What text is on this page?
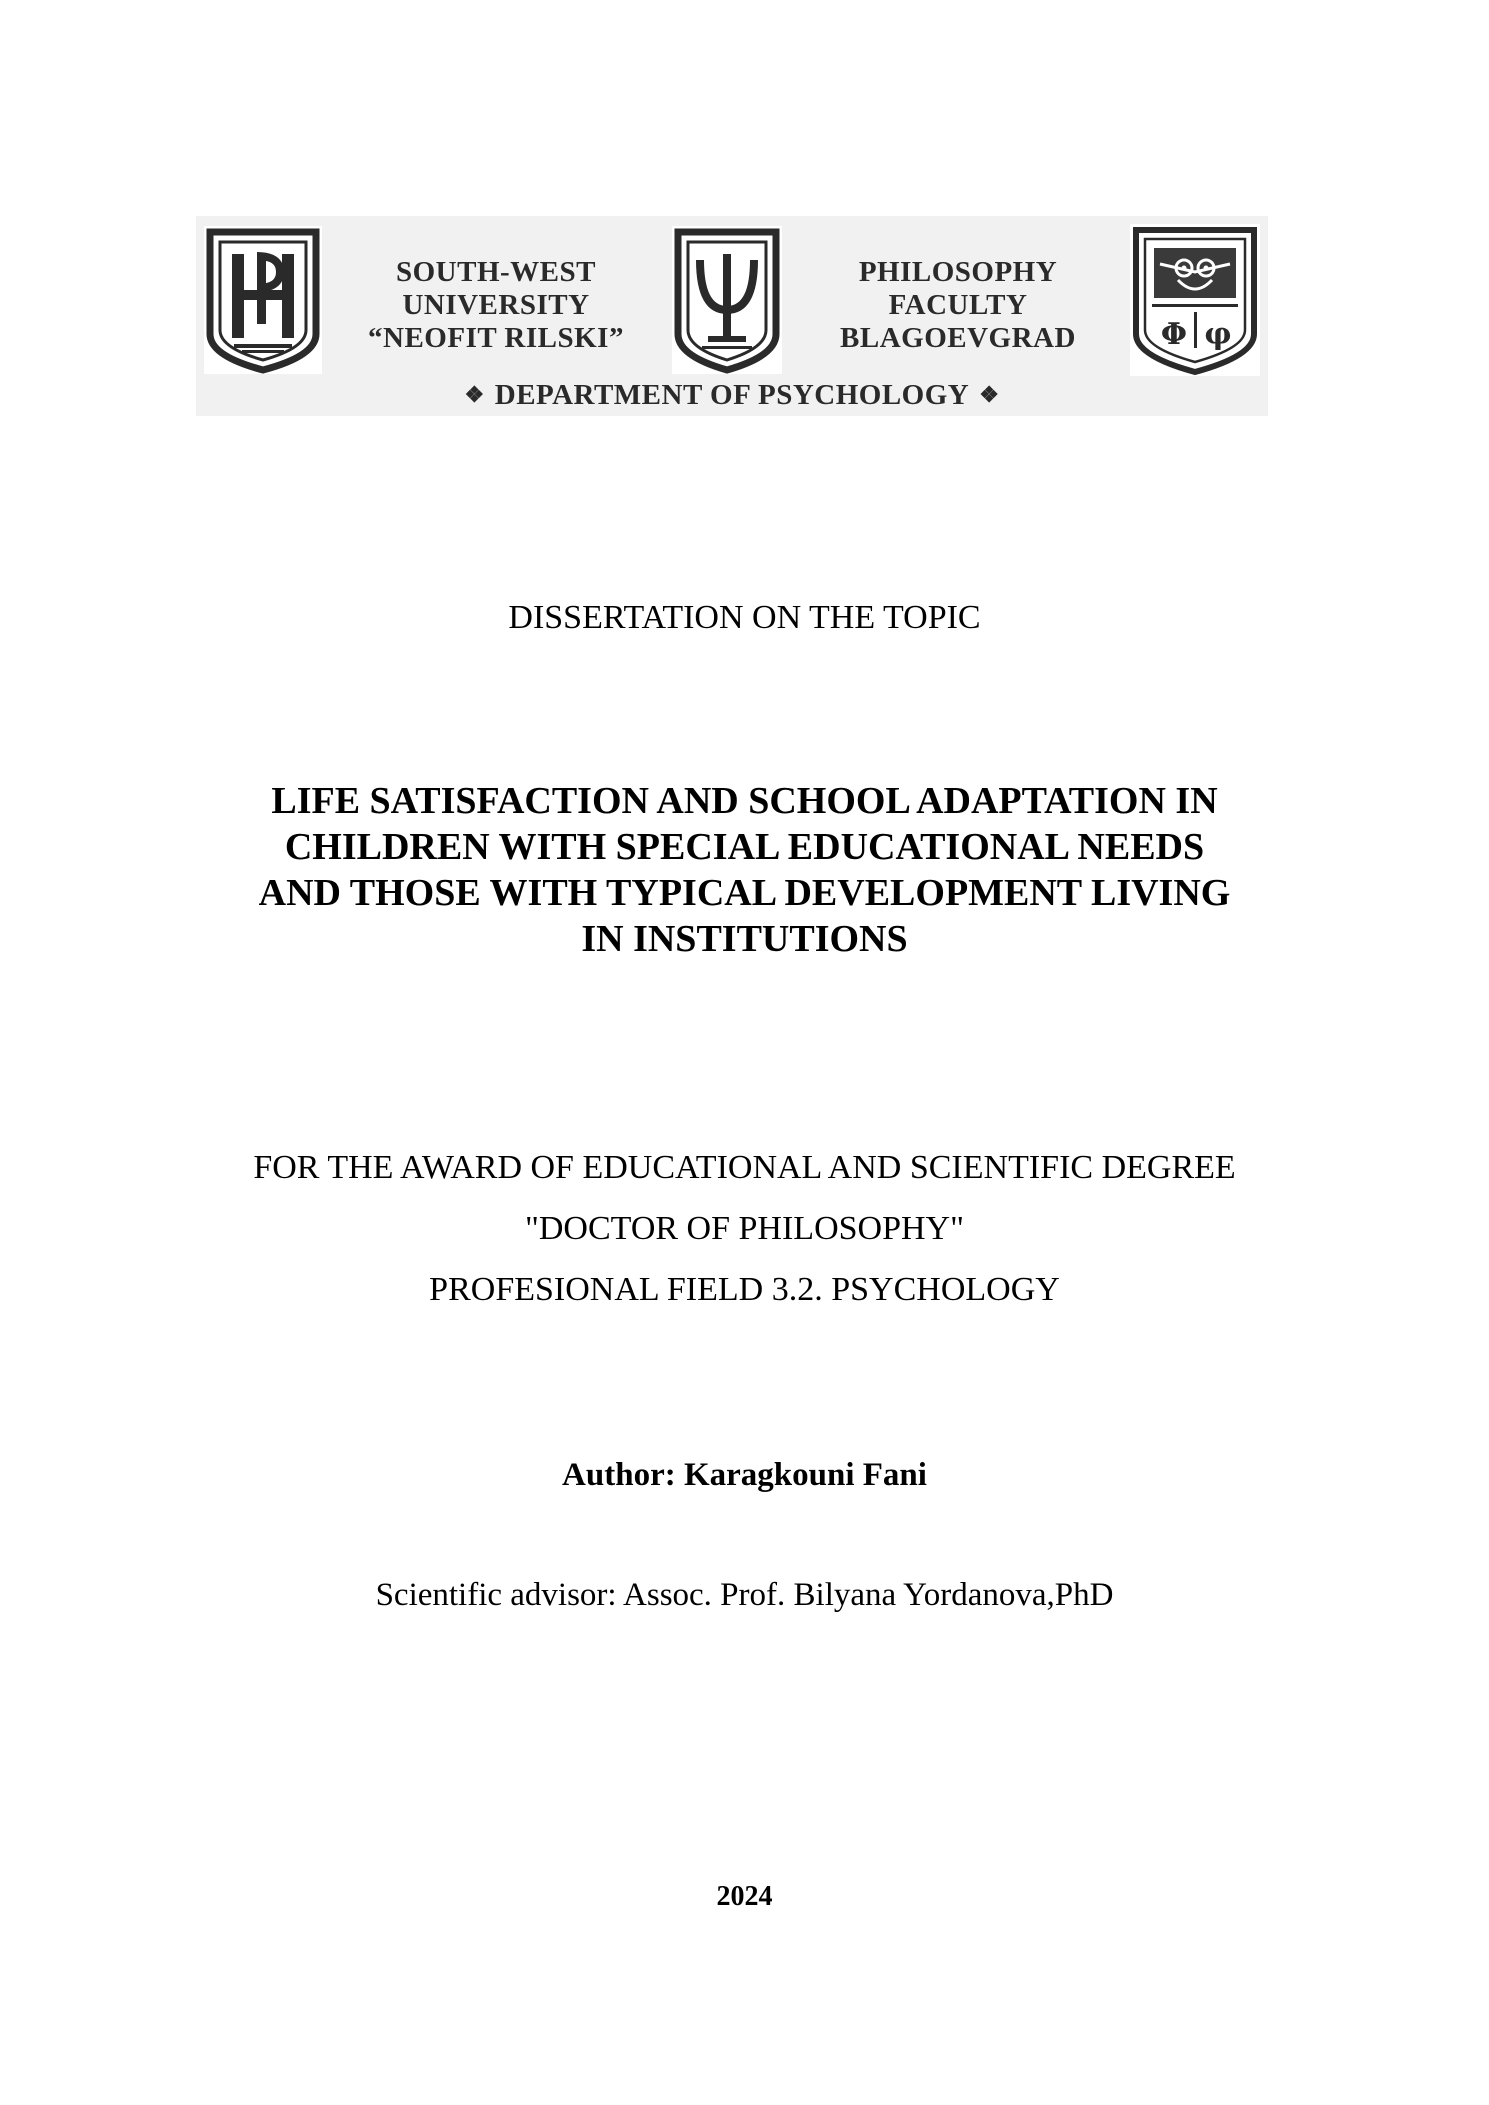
SOUTH-WEST
UNIVERSITY
“NEOFIT RILSKI”
PHILOSOPHY
FACULTY
BLAGOEVGRAD	Φ φ
❖ DEPARTMENT OF PSYCHOLOGY ❖
DISSERTATION ON THE TOPIC
LIFE SATISFACTION AND SCHOOL ADAPTATION IN
CHILDREN WITH SPECIAL EDUCATIONAL NEEDS
AND THOSE WITH TYPICAL DEVELOPMENT LIVING
IN INSTITUTIONS
FOR THE AWARD OF EDUCATIONAL AND SCIENTIFIC DEGREE
"DOCTOR OF PHILOSOPHY"
PROFESIONAL FIELD 3.2. PSYCHOLOGY
Author: Karagkouni Fani
Scientific advisor: Assoc. Prof. Bilyana Yordanova,PhD
2024
